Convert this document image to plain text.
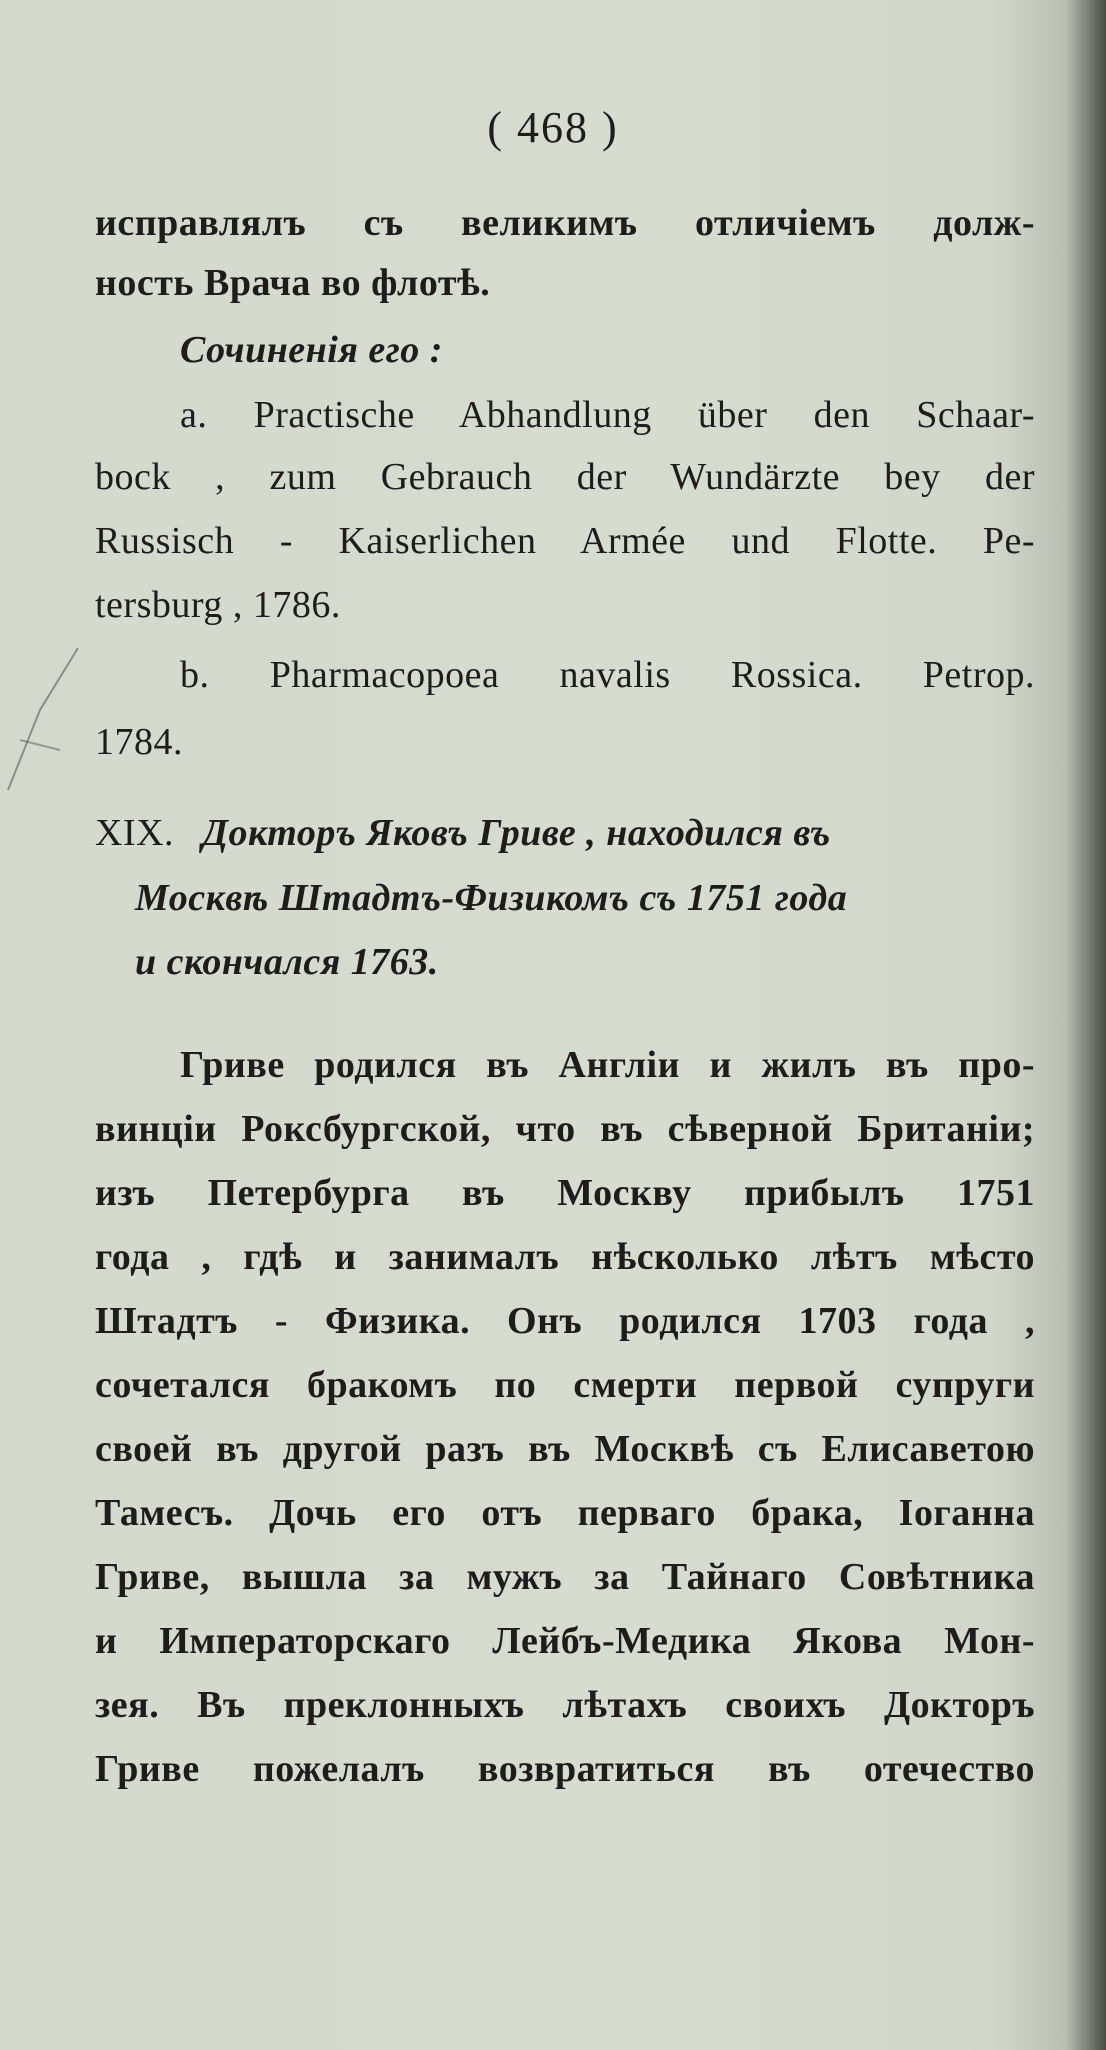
( 468 )
исправлялъ съ великимъ отличіемъ долж-
ность Врача во флотѣ.
Сочиненія его :
a. Practische Abhandlung über den Schaar-
bock , zum Gebrauch der Wundärzte bey der
Russisch - Kaiserlichen Armée und Flotte. Pe-
tersburg , 1786.
b. Pharmacopoea navalis Rossica. Petrop.
1784.
XIX. Докторъ Яковъ Гриве , находился въ
Москвѣ Штадтъ-Физикомъ съ 1751 года
и скончался 1763.
Гриве родился въ Англіи и жилъ въ про-
винціи Роксбургской, что въ сѣверной Британіи;
изъ Петербурга въ Москву прибылъ 1751
года , гдѣ и занималъ нѣсколько лѣтъ мѣсто
Штадтъ - Физика. Онъ родился 1703 года ,
сочетался бракомъ по смерти первой супруги
своей въ другой разъ въ Москвѣ съ Елисаветою
Тамесъ. Дочь его отъ перваго брака, Іоганна
Гриве, вышла за мужъ за Тайнаго Совѣтника
и Императорскаго Лейбъ-Медика Якова Мон-
зея. Въ преклонныхъ лѣтахъ своихъ Докторъ
Гриве пожелалъ возвратиться въ отечество
